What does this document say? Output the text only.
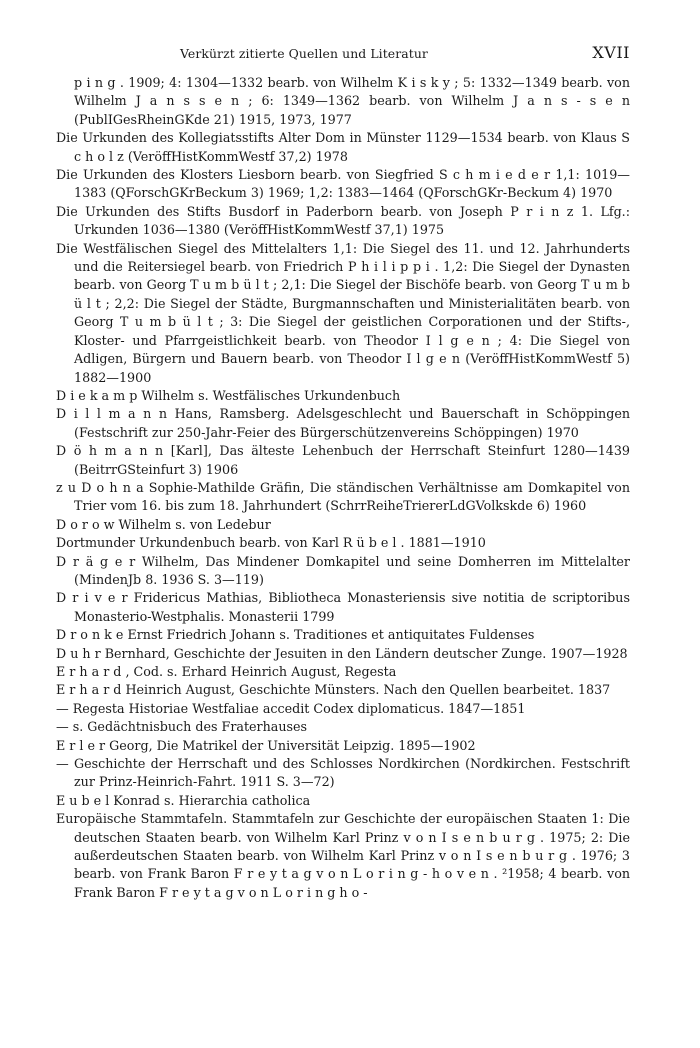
Verkürzt zitierte Quellen und Literatur	XVII

p i n g . 1909; 4: 1304—1332 bearb. von Wilhelm K i s k y ; 5: 1332—1349 bearb. von Wilhelm J a n s s e n ; 6: 1349—1362 bearb. von Wilhelm J a n s - s e n (PublIGesRheinGKde 21) 1915, 1973, 1977

Die Urkunden des Kollegiatsstifts Alter Dom in Münster 1129—1534 bearb. von Klaus S c h o l z (VeröffHistKommWestf 37,2) 1978

Die Urkunden des Klosters Liesborn bearb. von Siegfried S c h m i e d e r 1,1: 1019—1383 (QForschGKrBeckum 3) 1969; 1,2: 1383—1464 (QForschGKr-Beckum 4) 1970

Die Urkunden des Stifts Busdorf in Paderborn bearb. von Joseph P r i n z 1. Lfg.: Urkunden 1036—1380 (VeröffHistKommWestf 37,1) 1975

Die Westfälischen Siegel des Mittelalters 1,1: Die Siegel des 11. und 12. Jahrhunderts und die Reitersiegel bearb. von Friedrich P h i l i p p i . 1,2: Die Siegel der Dynasten bearb. von Georg T u m b ü l t ; 2,1: Die Siegel der Bischöfe bearb. von Georg T u m b ü l t ; 2,2: Die Siegel der Städte, Burgmannschaften und Ministerialitäten bearb. von Georg T u m b ü l t ; 3: Die Siegel der geistlichen Corporationen und der Stifts-, Kloster- und Pfarrgeistlichkeit bearb. von Theodor I l g e n ; 4: Die Siegel von Adligen, Bürgern und Bauern bearb. von Theodor I l g e n (VeröffHistKommWestf 5) 1882—1900

D i e k a m p Wilhelm s. Westfälisches Urkundenbuch

D i l l m a n n Hans, Ramsberg. Adelsgeschlecht und Bauerschaft in Schöppingen (Festschrift zur 250-Jahr-Feier des Bürgerschützenvereins Schöppingen) 1970

D ö h m a n n [Karl], Das älteste Lehenbuch der Herrschaft Steinfurt 1280—1439 (BeitrrGSteinfurt 3) 1906

z u D o h n a Sophie-Mathilde Gräfin, Die ständischen Verhältnisse am Domkapitel von Trier vom 16. bis zum 18. Jahrhundert (SchrrReiheTriererLdGVolkskde 6) 1960

D o r o w Wilhelm s. von Ledebur

Dortmunder Urkundenbuch bearb. von Karl R ü b e l . 1881—1910

D r ä g e r Wilhelm, Das Mindener Domkapitel und seine Domherren im Mittelalter (MindenJb 8. 1936 S. 3—119)

D r i v e r Fridericus Mathias, Bibliotheca Monasteriensis sive notitia de scriptoribus Monasterio-Westphalis. Monasterii 1799

D r o n k e Ernst Friedrich Johann s. Traditiones et antiquitates Fuldenses

D u h r Bernhard, Geschichte der Jesuiten in den Ländern deutscher Zunge. 1907—1928

E r h a r d , Cod. s. Erhard Heinrich August, Regesta

E r h a r d Heinrich August, Geschichte Münsters. Nach den Quellen bearbeitet. 1837

— Regesta Historiae Westfaliae accedit Codex diplomaticus. 1847—1851

— s. Gedächtnisbuch des Fraterhauses

E r l e r Georg, Die Matrikel der Universität Leipzig. 1895—1902

— Geschichte der Herrschaft und des Schlosses Nordkirchen (Nordkirchen. Festschrift zur Prinz-Heinrich-Fahrt. 1911 S. 3—72)

E u b e l Konrad s. Hierarchia catholica

Europäische Stammtafeln. Stammtafeln zur Geschichte der europäischen Staaten 1: Die deutschen Staaten bearb. von Wilhelm Karl Prinz v o n I s e n b u r g . 1975; 2: Die außerdeutschen Staaten bearb. von Wilhelm Karl Prinz v o n I s e n b u r g . 1976; 3 bearb. von Frank Baron F r e y t a g v o n L o r i n g - h o v e n . ²1958; 4 bearb. von Frank Baron F r e y t a g v o n L o r i n g h o -
